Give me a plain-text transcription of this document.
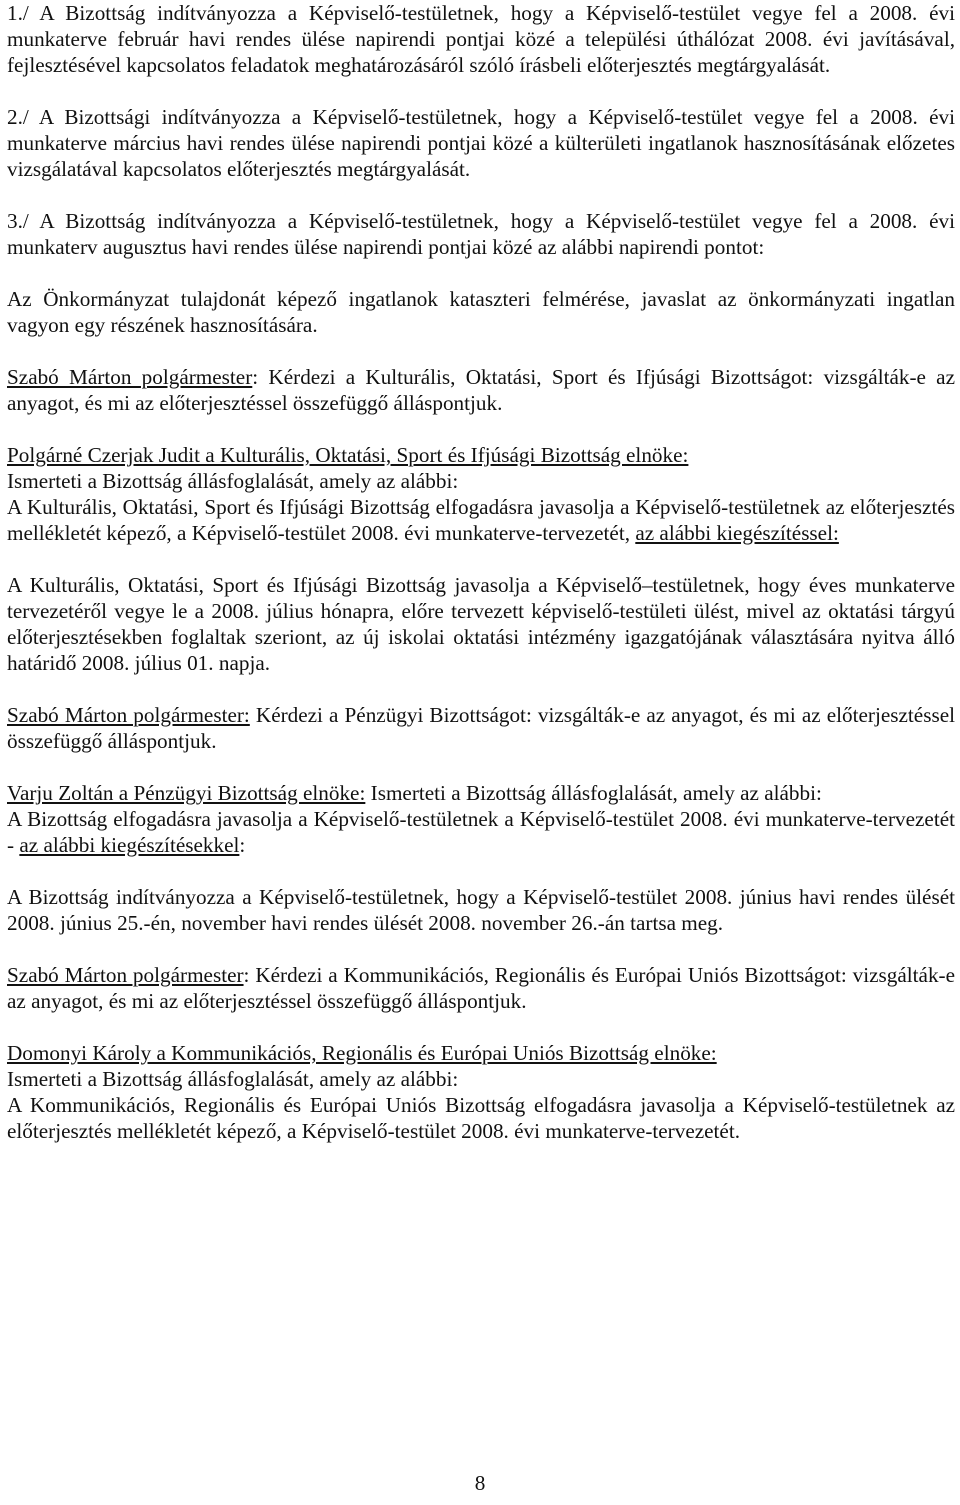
1./ A Bizottság indítványozza a Képviselő-testületnek, hogy a Képviselő-testület vegye fel a 2008. évi munkaterve február havi rendes ülése napirendi pontjai közé a települési úthálózat 2008. évi javításával, fejlesztésével kapcsolatos feladatok meghatározásáról szóló írásbeli előterjesztés megtárgyalását.

2./ A Bizottsági indítványozza a Képviselő-testületnek, hogy a Képviselő-testület vegye fel a 2008. évi munkaterve március havi rendes ülése napirendi pontjai közé a külterületi ingatlanok hasznosításának előzetes vizsgálatával kapcsolatos előterjesztés megtárgyalását.

3./ A Bizottság indítványozza a Képviselő-testületnek, hogy a Képviselő-testület vegye fel a 2008. évi munkaterv augusztus havi rendes ülése napirendi pontjai közé az alábbi napirendi pontot:

Az Önkormányzat tulajdonát képező ingatlanok kataszteri felmérése, javaslat az önkormányzati ingatlan vagyon egy részének hasznosítására.

Szabó Márton polgármester: Kérdezi a Kulturális, Oktatási, Sport és Ifjúsági Bizottságot: vizsgálták-e az anyagot, és mi az előterjesztéssel összefüggő álláspontjuk.

Polgárné Czerjak Judit a Kulturális, Oktatási, Sport és Ifjúsági Bizottság elnöke:

Ismerteti a Bizottság állásfoglalását, amely az alábbi:

A Kulturális, Oktatási, Sport és Ifjúsági Bizottság elfogadásra javasolja a Képviselő-testületnek az előterjesztés mellékletét képező, a Képviselő-testület 2008. évi munkaterve-tervezetét, az alábbi kiegészítéssel:

A Kulturális, Oktatási, Sport és Ifjúsági Bizottság javasolja a Képviselő–testületnek, hogy éves munkaterve tervezetéről vegye le a 2008. július hónapra, előre tervezett képviselő-testületi ülést, mivel az oktatási tárgyú előterjesztésekben foglaltak szeriont, az új iskolai oktatási intézmény igazgatójának választására nyitva álló határidő 2008. július 01. napja.

Szabó Márton polgármester: Kérdezi a Pénzügyi Bizottságot: vizsgálták-e az anyagot, és mi az előterjesztéssel összefüggő álláspontjuk.

Varju Zoltán a Pénzügyi Bizottság elnöke: Ismerteti a Bizottság állásfoglalását, amely az alábbi:

A Bizottság elfogadásra javasolja a Képviselő-testületnek a Képviselő-testület 2008. évi munkaterve-tervezetét - az alábbi kiegészítésekkel:

A Bizottság indítványozza a Képviselő-testületnek, hogy a Képviselő-testület 2008. június havi rendes ülését 2008. június 25.-én, november havi rendes ülését 2008. november 26.-án tartsa meg.

Szabó Márton polgármester: Kérdezi a Kommunikációs, Regionális és Európai Uniós Bizottságot: vizsgálták-e az anyagot, és mi az előterjesztéssel összefüggő álláspontjuk.

Domonyi Károly a Kommunikációs, Regionális és Európai Uniós Bizottság elnöke:

Ismerteti a Bizottság állásfoglalását, amely az alábbi:

A Kommunikációs, Regionális és Európai Uniós Bizottság elfogadásra javasolja a Képviselő-testületnek az előterjesztés mellékletét képező, a Képviselő-testület 2008. évi munkaterve-tervezetét.

8
